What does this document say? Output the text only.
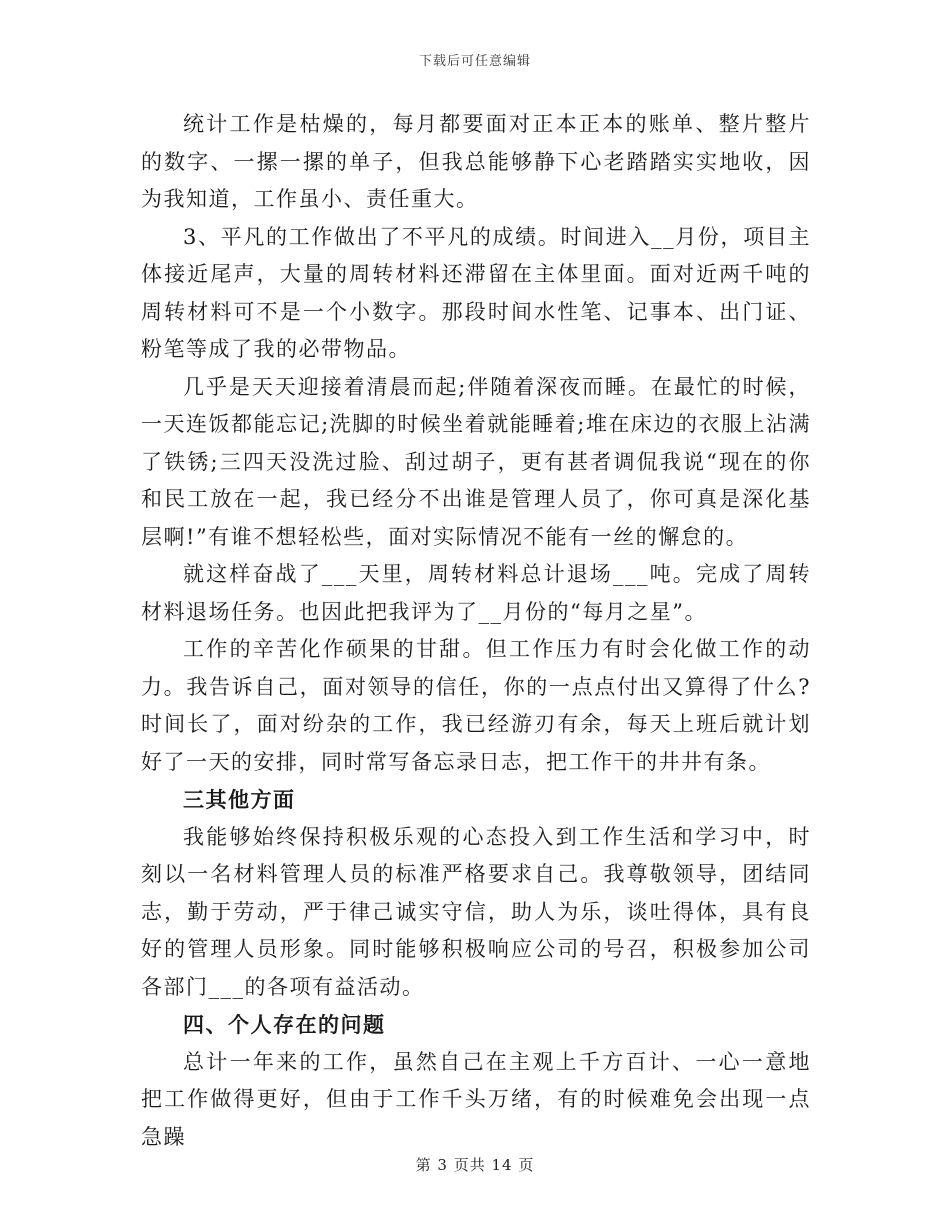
下载后可任意编辑

统计工作是枯燥的，每月都要面对正本正本的账单、整片整片的数字、一摞一摞的单子，但我总能够静下心老踏踏实实地收，因为我知道，工作虽小、责任重大。

3、平凡的工作做出了不平凡的成绩。时间进入__月份，项目主体接近尾声，大量的周转材料还滞留在主体里面。面对近两千吨的周转材料可不是一个小数字。那段时间水性笔、记事本、出门证、粉笔等成了我的必带物品。

几乎是天天迎接着清晨而起;伴随着深夜而睡。在最忙的时候，一天连饭都能忘记;洗脚的时候坐着就能睡着;堆在床边的衣服上沾满了铁锈;三四天没洗过脸、刮过胡子，更有甚者调侃我说“现在的你和民工放在一起，我已经分不出谁是管理人员了，你可真是深化基层啊!”有谁不想轻松些，面对实际情况不能有一丝的懈怠的。

就这样奋战了___天里，周转材料总计退场___吨。完成了周转材料退场任务。也因此把我评为了__月份的“每月之星”。

工作的辛苦化作硕果的甘甜。但工作压力有时会化做工作的动力。我告诉自己，面对领导的信任，你的一点点付出又算得了什么?时间长了，面对纷杂的工作，我已经游刃有余，每天上班后就计划好了一天的安排，同时常写备忘录日志，把工作干的井井有条。

三其他方面

我能够始终保持积极乐观的心态投入到工作生活和学习中，时刻以一名材料管理人员的标准严格要求自己。我尊敬领导，团结同志，勤于劳动，严于律己诚实守信，助人为乐，谈吐得体，具有良好的管理人员形象。同时能够积极响应公司的号召，积极参加公司各部门___的各项有益活动。

四、个人存在的问题

总计一年来的工作，虽然自己在主观上千方百计、一心一意地把工作做得更好，但由于工作千头万绪，有的时候难免会出现一点急躁

第 3 页共 14 页
